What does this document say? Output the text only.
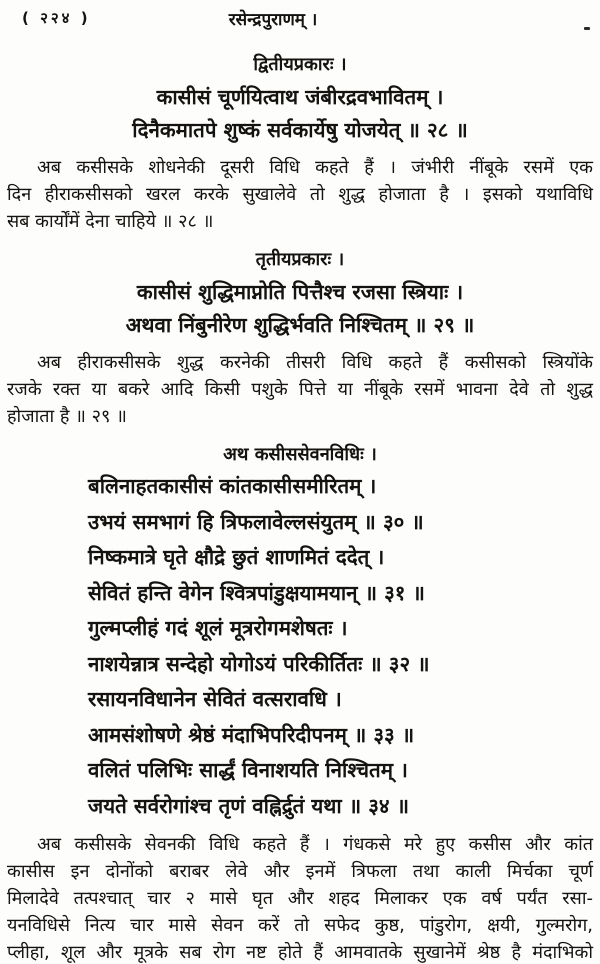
( २२४ )	रसेन्द्रपुराणम् ।
द्वितीयप्रकारः ।
कासीसं चूर्णयित्वाथ जंबीरद्रवभावितम् ।
दिनैकमातपे शुष्कं सर्वकार्येषु योजयेत् ॥ २८ ॥
अब कसीसके शोधनेकी दूसरी विधि कहते हैं । जंभीरी नींबूके रसमें एक
दिन हीराकसीसको खरल करके सुखालेवे तो शुद्ध होजाता है । इसको यथाविधि
सब कार्योंमें देना चाहिये ॥ २८ ॥
तृतीयप्रकारः ।
कासीसं शुद्धिमाप्नोति पित्तैश्च रजसा स्त्रियाः ।
अथवा निंबुनीरेण शुद्धिर्भवति निश्चितम् ॥ २९ ॥
अब हीराकसीसके शुद्ध करनेकी तीसरी विधि कहते हैं कसीसको स्त्रियोंके
रजके रक्त या बकरे आदि किसी पशुके पित्ते या नींबूके रसमें भावना देवे तो शुद्ध
होजाता है ॥ २९ ॥
अथ कसीससेवनविधिः ।
बलिनाहतकासीसं कांतकासीसमीरितम् ।
उभयं समभागं हि त्रिफलावेल्लसंयुतम् ॥ ३० ॥
निष्कमात्रे घृते क्षौद्रे छुतं शाणमितं ददेत् ।
सेवितं हन्ति वेगेन श्वित्रपांडुक्षयामयान् ॥ ३१ ॥
गुल्मप्लीहं गदं शूलं मूत्ररोगमशेषतः ।
नाशयेन्नात्र सन्देहो योगोऽयं परिकीर्तितः ॥ ३२ ॥
रसायनविधानेन सेवितं वत्सरावधि ।
आमसंशोषणे श्रेष्ठं मंदाभिपरिदीपनम् ॥ ३३ ॥
वलितं पलिभिः सार्द्धं विनाशयति निश्चितम् ।
जयते सर्वरोगांश्च तृणं वह्निर्द्रुतं यथा ॥ ३४ ॥
अब कसीसके सेवनकी विधि कहते हैं । गंधकसे मरे हुए कसीस और कांत
कासीस इन दोनोंको बराबर लेवे और इनमें त्रिफला तथा काली मिर्चका चूर्ण
मिलादेवे तत्पश्चात् चार २ मासे घृत और शहद मिलाकर एक वर्ष पर्यंत रसा-
यनविधिसे नित्य चार मासे सेवन करें तो सफेद कुष्ठ, पांडुरोग, क्षयी, गुल्मरोग,
प्लीहा, शूल और मूत्रके सब रोग नष्ट होते हैं आमवातके सुखानेमें श्रेष्ठ है मंदाभिको
